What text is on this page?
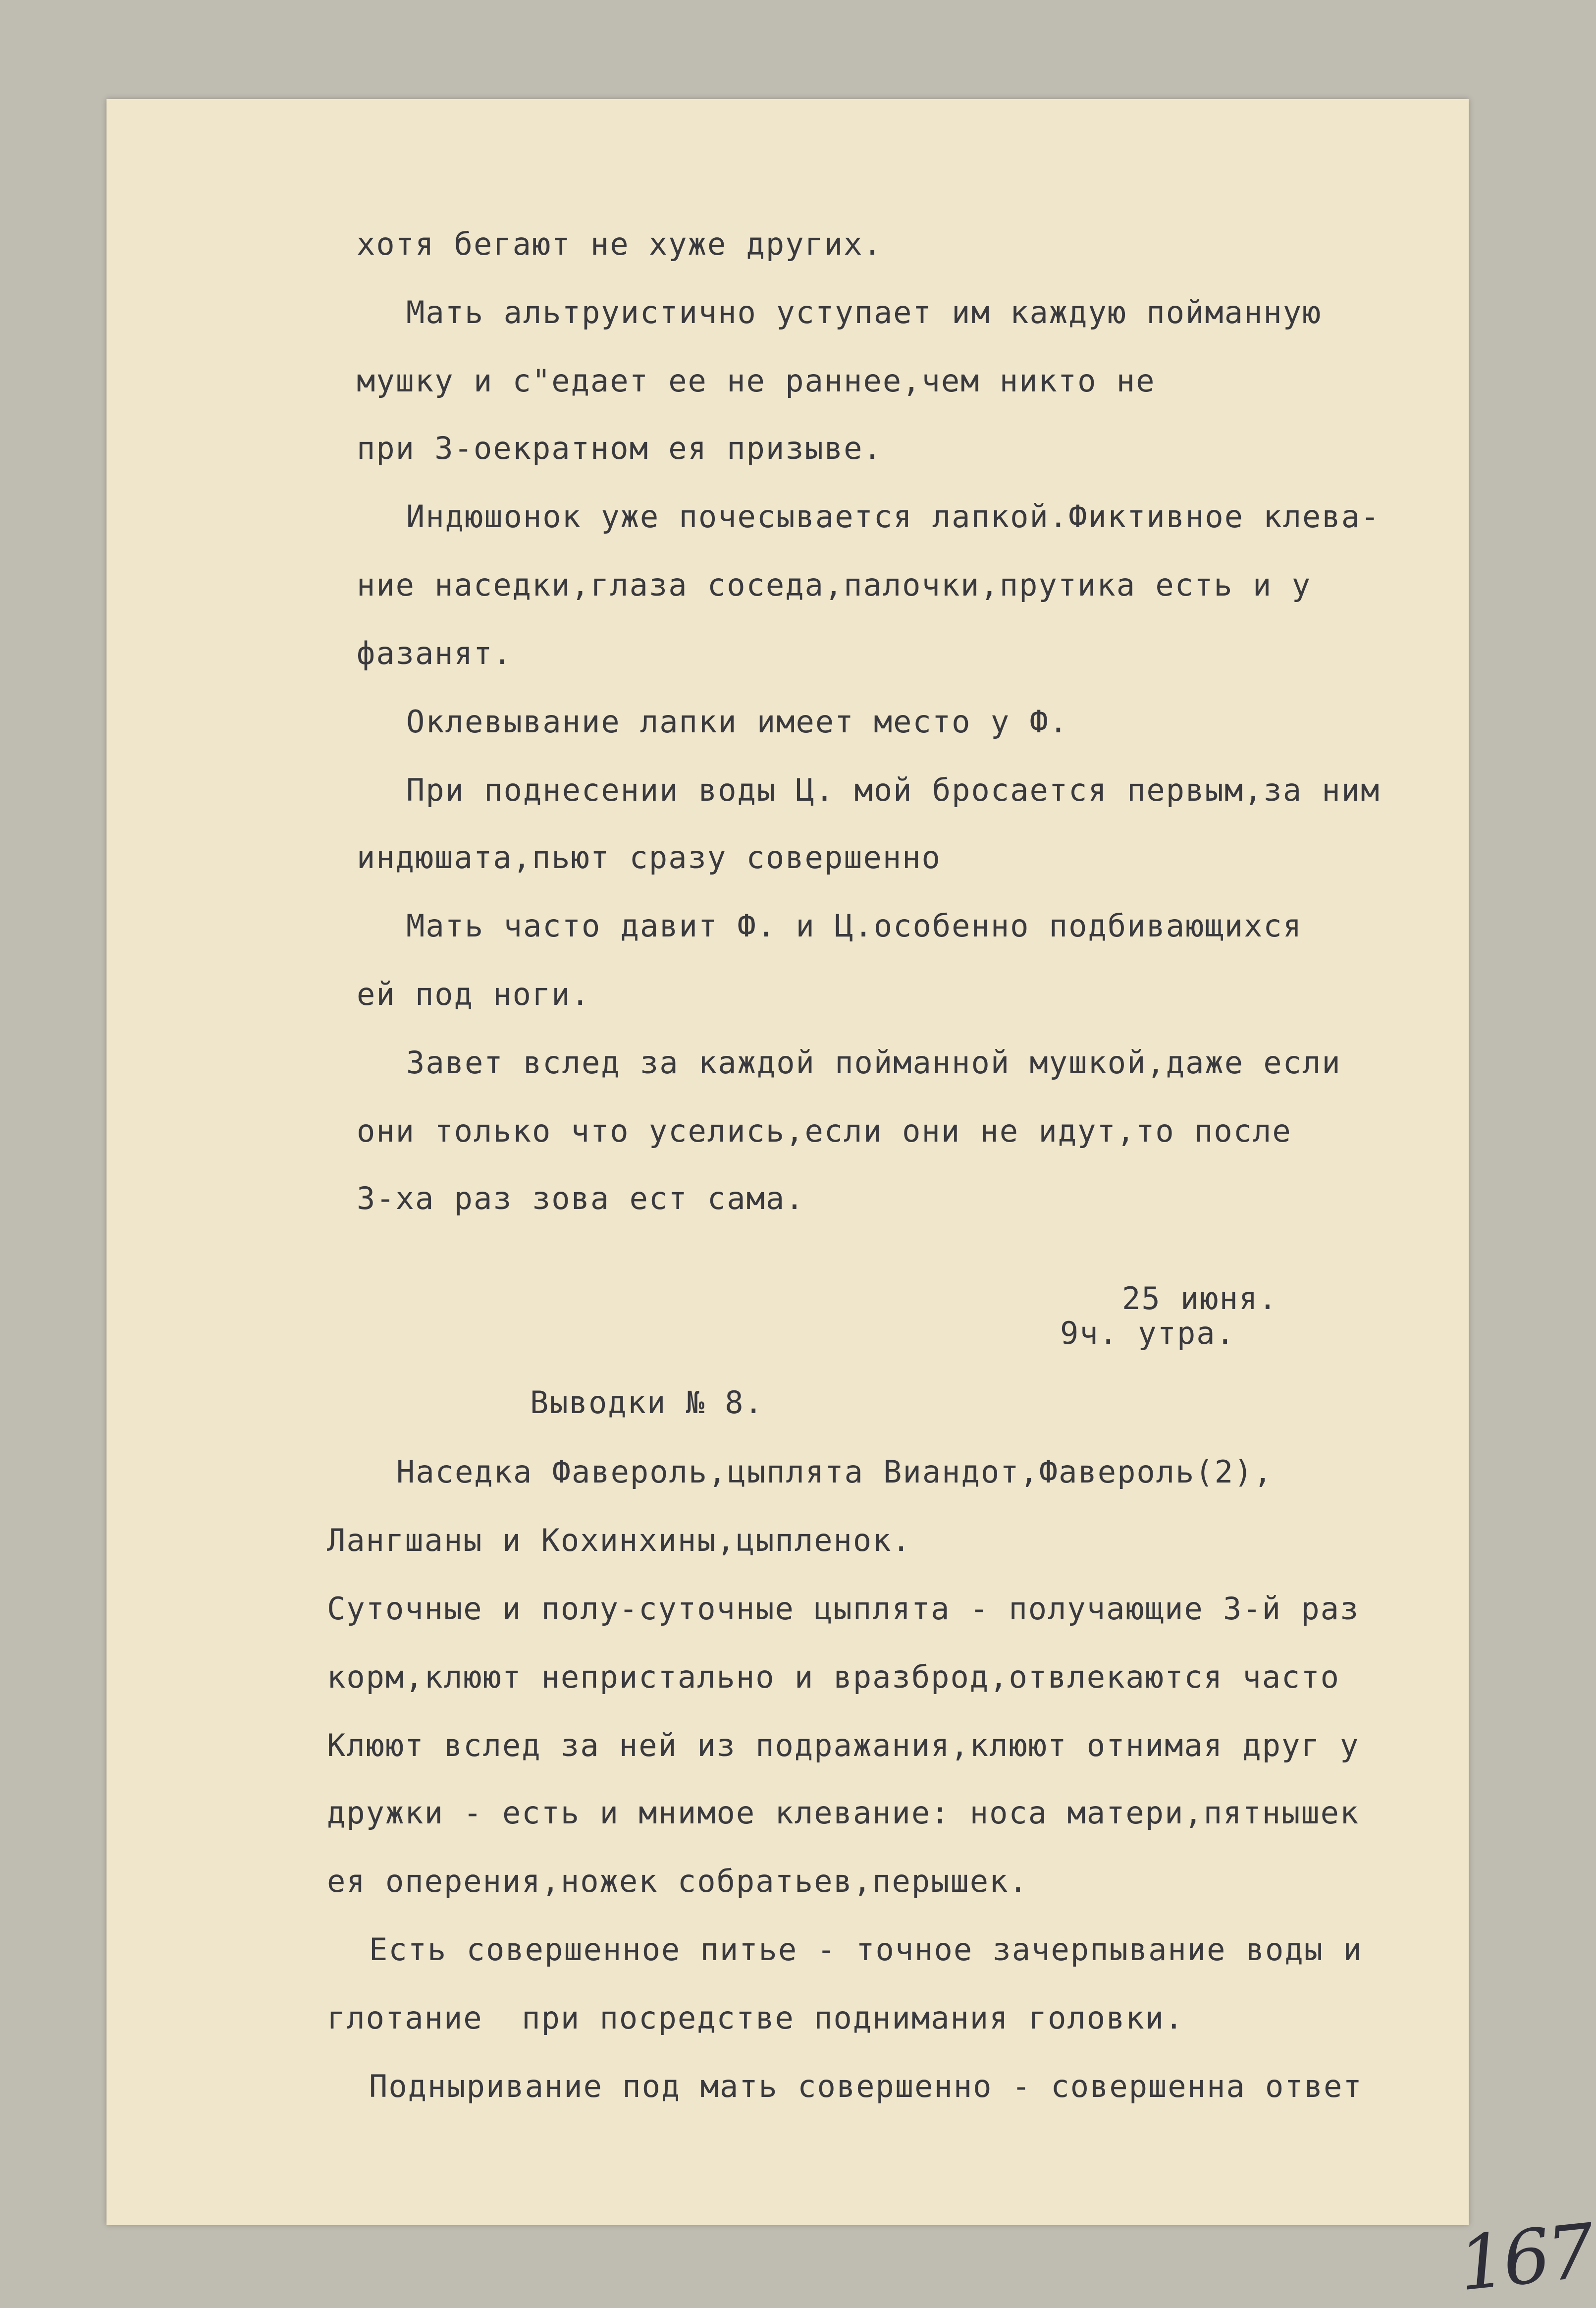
хотя бегают не хуже других.
Мать альтруистично уступает им каждую пойманную
мушку и с"едает ее не раннее,чем никто не
при 3-оекратном ея призыве.
Индюшонок уже почесывается лапкой.Фиктивное клева-
ние наседки,глаза соседа,палочки,прутика есть и у
фазанят.
Оклевывание лапки имеет место у Ф.
При поднесении воды Ц. мой бросается первым,за ним
индюшата,пьют сразу совершенно
Мать часто давит Ф. и Ц.особенно подбивающихся
ей под ноги.
Завет вслед за каждой пойманной мушкой,даже если
они только что уселись,если они не идут,то после
3-ха раз зова ест сама.
25 июня.
9ч. утра.
Выводки № 8.
Наседка Фавероль,цыплята Виандот,Фавероль(2),
Лангшаны и Кохинхины,цыпленок.
Суточные и полу-суточные цыплята - получающие 3-й раз
корм,клюют непристально и вразброд,отвлекаются часто
Клюют вслед за ней из подражания,клюют отнимая друг у
дружки - есть и мнимое клевание: носа матери,пятнышек
ея оперения,ножек собратьев,перышек.
Есть совершенное питье - точное зачерпывание воды и
глотание  при посредстве поднимания головки.
Подныривание под мать совершенно - совершенна ответ
167
